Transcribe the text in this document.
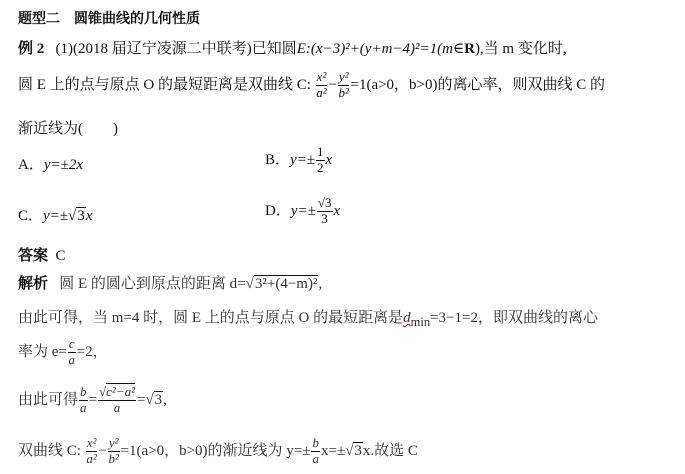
题型二　圆锥曲线的几何性质
例 2 (1)(2018 届辽宁凌源二中联考)已知圆E:(x−3)²+(y+m−4)²=1(m∈R),当 m 变化时,
圆 E 上的点与原点 O 的最短距离是双曲线 C: $\frac{\text{x²}}{\text{a²}} - \frac{\text{y²}}{\text{b²}} =1(a>0$，b>0)的离心率，则双曲线 C 的
渐近线为(　　)
A．y=±2x	B．$y=\pm \frac{1}{2}$ x
C．y=±√3x	D．$y=\pm \frac{√3}{3}$ x
答案 C
解析 圆 E 的圆心到原点的距离 d=√3²+(4−m)²,
由此可得，当 m=4 时，圆 E 上的点与原点 O 的最短距离是$d_{min}=3-1=2$，即双曲线的离心
率为 $e= \frac{c}{a} =2$，
由此可得 $\frac{b}{a} = \frac{\text{√c²−a²}}{a} =√3$,
双曲线 C: $\frac{\text{x²}}{\text{a²}} - \frac{\text{y²}}{\text{b²}} =1(a>0$，b>0)的渐近线为 $y=\pm \frac{b}{a} x=\pm√3x$.故选 C
